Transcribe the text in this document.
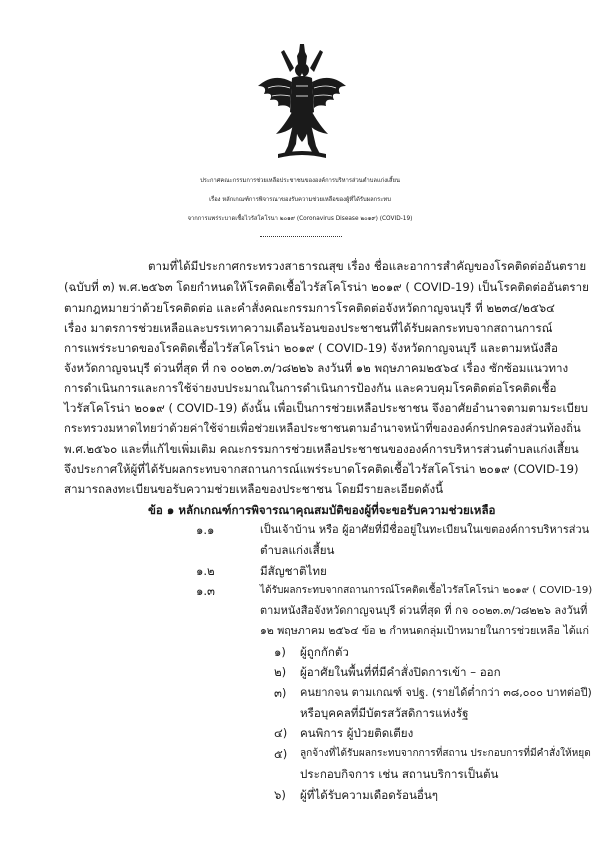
ประกาศคณะกรรมการช่วยเหลือประชาชนขององค์การบริหารส่วนตำบลแก่งเสี้ยน
เรื่อง หลักเกณฑ์การพิจารณาของรับความช่วยเหลือของผู้ที่ได้รับผลกระทบ
จากการแพร่ระบาดเชื้อไวรัสโคโรนา ๒๐๑๙ (Coronavirus Disease ๒๐๑๙) (COVID-19)
ตามที่ได้มีประกาศกระทรวงสาธารณสุข เรื่อง ชื่อและอาการสำคัญของโรคติดต่ออันตราย
(ฉบับที่ ๓) พ.ศ.๒๕๖๓ โดยกำหนดให้โรคติดเชื้อไวรัสโคโรน่า ๒๐๑๙ ( COVID-19) เป็นโรคติดต่ออันตราย
ตามกฎหมายว่าด้วยโรคติดต่อ และคำสั่งคณะกรรมการโรคติดต่อจังหวัดกาญจนบุรี ที่ ๒๒๓๔/๒๕๖๔
เรื่อง มาตรการช่วยเหลือและบรรเทาความเดือนร้อนของประชาชนที่ได้รับผลกระทบจากสถานการณ์
การแพร่ระบาดของโรคติดเชื้อไวรัสโคโรน่า ๒๐๑๙ ( COVID-19) จังหวัดกาญจนบุรี และตามหนังสือ
จังหวัดกาญจนบุรี ด่วนที่สุด ที่ กจ ๐๐๒๓.๓/ว๘๒๒๖ ลงวันที่ ๑๒ พฤษภาคม๒๕๖๔ เรื่อง ซักซ้อมแนวทาง
การดำเนินการและการใช้จ่ายงบประมาณในการดำเนินการป้องกัน และควบคุมโรคติดต่อโรคติดเชื้อ
ไวรัสโคโรน่า ๒๐๑๙ ( COVID-19) ดังนั้น เพื่อเป็นการช่วยเหลือประชาชน จึงอาศัยอำนาจตามตามระเบียบ
กระทรวงมหาดไทยว่าด้วยค่าใช้จ่ายเพื่อช่วยเหลือประชาชนตามอำนาจหน้าที่ขององค์กรปกครองส่วนท้องถิ่น
พ.ศ.๒๕๖๐ และที่แก้ไขเพิ่มเติม คณะกรรมการช่วยเหลือประชาชนขององค์การบริหารส่วนตำบลแก่งเสี้ยน
จึงประกาศให้ผู้ที่ได้รับผลกระทบจากสถานการณ์แพร่ระบาดโรคติดเชื้อไวรัสโคโรน่า ๒๐๑๙ (COVID-19)
สามารถลงทะเบียนขอรับความช่วยเหลือของประชาชน โดยมีรายละเอียดดังนี้
ข้อ ๑ หลักเกณฑ์การพิจารณาคุณสมบัติของผู้ที่จะขอรับความช่วยเหลือ
๑.๑	เป็นเจ้าบ้าน หรือ ผู้อาศัยที่มีชื่ออยู่ในทะเบียนในเขตองค์การบริหารส่วน
ตำบลแก่งเสี้ยน
๑.๒	มีสัญชาติไทย
๑.๓	ได้รับผลกระทบจากสถานการณ์โรคติดเชื้อไวรัสโคโรน่า ๒๐๑๙ ( COVID-19)
ตามหนังสือจังหวัดกาญจนบุรี ด่วนที่สุด ที่ กจ ๐๐๒๓.๓/ว๘๒๒๖ ลงวันที่
๑๒ พฤษภาคม ๒๕๖๔ ข้อ ๒ กำหนดกลุ่มเป้าหมายในการช่วยเหลือ ได้แก่
๑) ผู้ถูกกักตัว
๒) ผู้อาศัยในพื้นที่ที่มีคำสั่งปิดการเข้า – ออก
๓) คนยากจน ตามเกณฑ์ จปฐ. (รายได้ต่ำกว่า ๓๘,๐๐๐ บาทต่อปี)
หรือบุคคลที่มีบัตรสวัสดิการแห่งรัฐ
๔) คนพิการ ผู้ป่วยติดเตียง
๕) ลูกจ้างที่ได้รับผลกระทบจากการที่สถาน ประกอบการที่มีคำสั่งให้หยุด
ประกอบกิจการ เช่น สถานบริการเป็นต้น
๖) ผู้ที่ได้รับความเดือดร้อนอื่นๆ
